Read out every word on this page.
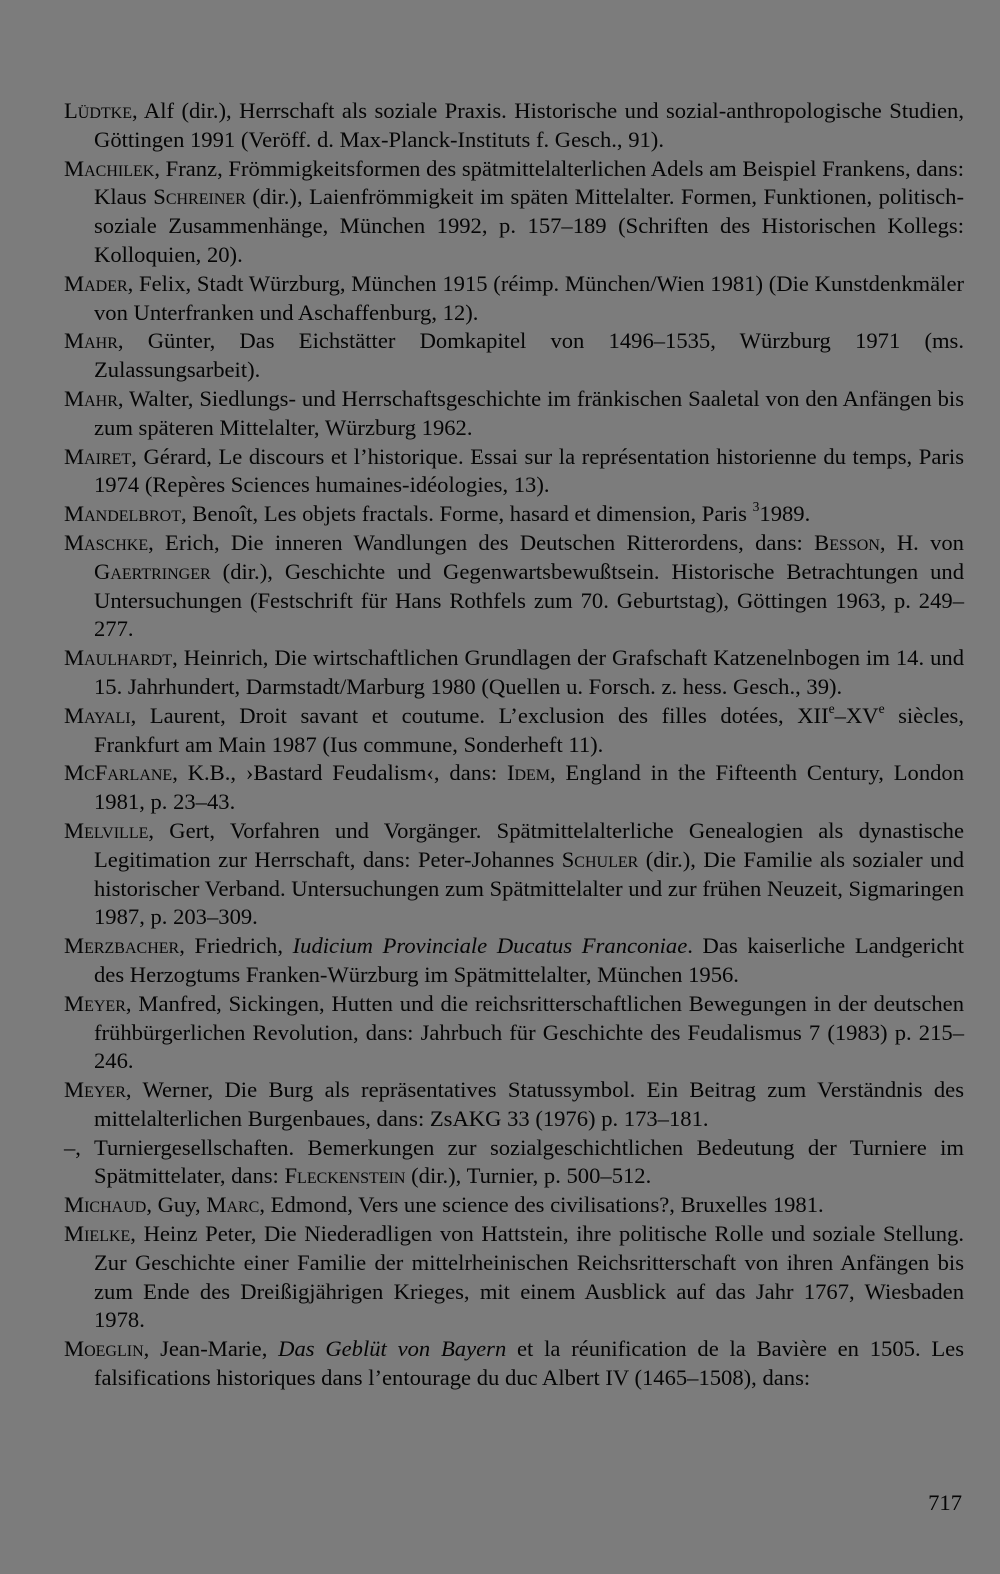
Lüdtke, Alf (dir.), Herrschaft als soziale Praxis. Historische und sozial-anthropologische Studien, Göttingen 1991 (Veröff. d. Max-Planck-Instituts f. Gesch., 91).

Machilek, Franz, Frömmigkeitsformen des spätmittelalterlichen Adels am Beispiel Frankens, dans: Klaus Schreiner (dir.), Laienfrömmigkeit im späten Mittelalter. Formen, Funktionen, politisch-soziale Zusammenhänge, München 1992, p. 157–189 (Schriften des Historischen Kollegs: Kolloquien, 20).

Mader, Felix, Stadt Würzburg, München 1915 (réimp. München/Wien 1981) (Die Kunstdenkmäler von Unterfranken und Aschaffenburg, 12).

Mahr, Günter, Das Eichstätter Domkapitel von 1496–1535, Würzburg 1971 (ms. Zulassungsarbeit).

Mahr, Walter, Siedlungs- und Herrschaftsgeschichte im fränkischen Saaletal von den Anfängen bis zum späteren Mittelalter, Würzburg 1962.

Mairet, Gérard, Le discours et l’historique. Essai sur la représentation historienne du temps, Paris 1974 (Repères Sciences humaines-idéologies, 13).

Mandelbrot, Benoît, Les objets fractals. Forme, hasard et dimension, Paris $^3$1989.

Maschke, Erich, Die inneren Wandlungen des Deutschen Ritterordens, dans: Besson, H. von Gaertringer (dir.), Geschichte und Gegenwartsbewußtsein. Historische Betrachtungen und Untersuchungen (Festschrift für Hans Rothfels zum 70. Geburtstag), Göttingen 1963, p. 249–277.

Maulhardt, Heinrich, Die wirtschaftlichen Grundlagen der Grafschaft Katzenelnbogen im 14. und 15. Jahrhundert, Darmstadt/Marburg 1980 (Quellen u. Forsch. z. hess. Gesch., 39).

Mayali, Laurent, Droit savant et coutume. L’exclusion des filles dotées, XIIe–XVe siècles, Frankfurt am Main 1987 (Ius commune, Sonderheft 11).

McFarlane, K.B., ›Bastard Feudalism‹, dans: Idem, England in the Fifteenth Century, London 1981, p. 23–43.

Melville, Gert, Vorfahren und Vorgänger. Spätmittelalterliche Genealogien als dynastische Legitimation zur Herrschaft, dans: Peter-Johannes Schuler (dir.), Die Familie als sozialer und historischer Verband. Untersuchungen zum Spätmittelalter und zur frühen Neuzeit, Sigmaringen 1987, p. 203–309.

Merzbacher, Friedrich, Iudicium Provinciale Ducatus Franconiae. Das kaiserliche Landgericht des Herzogtums Franken-Würzburg im Spätmittelalter, München 1956.

Meyer, Manfred, Sickingen, Hutten und die reichsritterschaftlichen Bewegungen in der deutschen frühbürgerlichen Revolution, dans: Jahrbuch für Geschichte des Feudalismus 7 (1983) p. 215–246.

Meyer, Werner, Die Burg als repräsentatives Statussymbol. Ein Beitrag zum Verständnis des mittelalterlichen Burgenbaues, dans: ZsAKG 33 (1976) p. 173–181.

–, Turniergesellschaften. Bemerkungen zur sozialgeschichtlichen Bedeutung der Turniere im Spätmittelater, dans: Fleckenstein (dir.), Turnier, p. 500–512.

Michaud, Guy, Marc, Edmond, Vers une science des civilisations?, Bruxelles 1981.

Mielke, Heinz Peter, Die Niederadligen von Hattstein, ihre politische Rolle und soziale Stellung. Zur Geschichte einer Familie der mittelrheinischen Reichsritterschaft von ihren Anfängen bis zum Ende des Dreißigjährigen Krieges, mit einem Ausblick auf das Jahr 1767, Wiesbaden 1978.

Moeglin, Jean-Marie, Das Geblüt von Bayern et la réunification de la Bavière en 1505. Les falsifications historiques dans l’entourage du duc Albert IV (1465–1508), dans:

717
